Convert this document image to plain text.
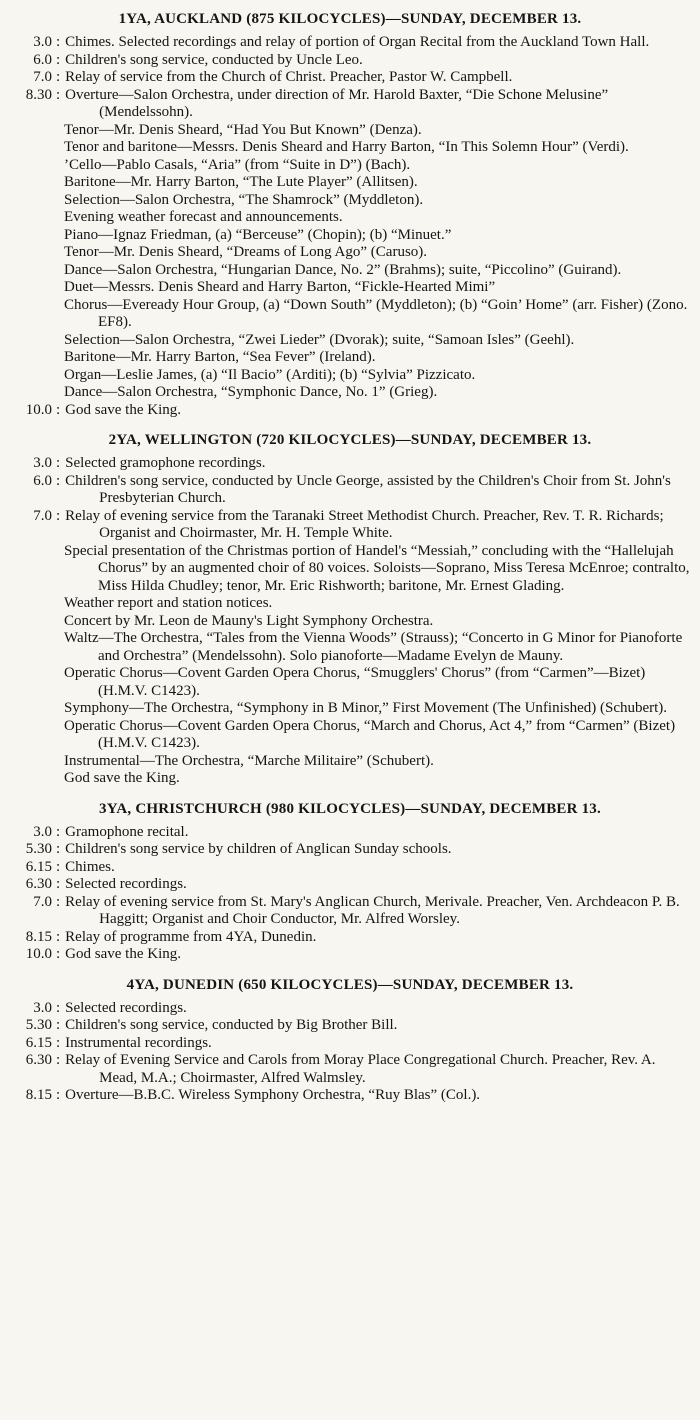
1YA, AUCKLAND (875 KILOCYCLES)—SUNDAY, DECEMBER 13.
3.0 : Chimes. Selected recordings and relay of portion of Organ Recital from the Auckland Town Hall.
6.0 : Children's song service, conducted by Uncle Leo.
7.0 : Relay of service from the Church of Christ. Preacher, Pastor W. Campbell.
8.30 : Overture—Salon Orchestra, under direction of Mr. Harold Baxter, “Die Schone Melusine” (Mendelssohn).
Tenor—Mr. Denis Sheard, “Had You But Known” (Denza).
Tenor and baritone—Messrs. Denis Sheard and Harry Barton, “In This Solemn Hour” (Verdi).
’Cello—Pablo Casals, “Aria” (from “Suite in D”) (Bach).
Baritone—Mr. Harry Barton, “The Lute Player” (Allitsen).
Selection—Salon Orchestra, “The Shamrock” (Myddleton).
Evening weather forecast and announcements.
Piano—Ignaz Friedman, (a) “Berceuse” (Chopin); (b) “Minuet.”
Tenor—Mr. Denis Sheard, “Dreams of Long Ago” (Caruso).
Dance—Salon Orchestra, “Hungarian Dance, No. 2” (Brahms); suite, “Piccolino” (Guirand).
Duet—Messrs. Denis Sheard and Harry Barton, “Fickle-Hearted Mimi”
Chorus—Eveready Hour Group, (a) “Down South” (Myddleton); (b) “Goin’ Home” (arr. Fisher) (Zono. EF8).
Selection—Salon Orchestra, “Zwei Lieder” (Dvorak); suite, “Samoan Isles” (Geehl).
Baritone—Mr. Harry Barton, “Sea Fever” (Ireland).
Organ—Leslie James, (a) “Il Bacio” (Arditi); (b) “Sylvia” Pizzicato.
Dance—Salon Orchestra, “Symphonic Dance, No. 1” (Grieg).
10.0 : God save the King.
2YA, WELLINGTON (720 KILOCYCLES)—SUNDAY, DECEMBER 13.
3.0 : Selected gramophone recordings.
6.0 : Children's song service, conducted by Uncle George, assisted by the Children's Choir from St. John's Presbyterian Church.
7.0 : Relay of evening service from the Taranaki Street Methodist Church. Preacher, Rev. T. R. Richards; Organist and Choirmaster, Mr. H. Temple White.
Special presentation of the Christmas portion of Handel's “Messiah,” concluding with the “Hallelujah Chorus” by an augmented choir of 80 voices. Soloists—Soprano, Miss Teresa McEnroe; contralto, Miss Hilda Chudley; tenor, Mr. Eric Rishworth; baritone, Mr. Ernest Glading.
Weather report and station notices.
Concert by Mr. Leon de Mauny's Light Symphony Orchestra.
Waltz—The Orchestra, “Tales from the Vienna Woods” (Strauss); “Concerto in G Minor for Pianoforte and Orchestra” (Mendelssohn). Solo pianoforte—Madame Evelyn de Mauny.
Operatic Chorus—Covent Garden Opera Chorus, “Smugglers' Chorus” (from “Carmen”—Bizet) (H.M.V. C1423).
Symphony—The Orchestra, “Symphony in B Minor,” First Movement (The Unfinished) (Schubert).
Operatic Chorus—Covent Garden Opera Chorus, “March and Chorus, Act 4,” from “Carmen” (Bizet) (H.M.V. C1423).
Instrumental—The Orchestra, “Marche Militaire” (Schubert).
God save the King.
3YA, CHRISTCHURCH (980 KILOCYCLES)—SUNDAY, DECEMBER 13.
3.0 : Gramophone recital.
5.30 : Children's song service by children of Anglican Sunday schools.
6.15 : Chimes.
6.30 : Selected recordings.
7.0 : Relay of evening service from St. Mary's Anglican Church, Merivale. Preacher, Ven. Archdeacon P. B. Haggitt; Organist and Choir Conductor, Mr. Alfred Worsley.
8.15 : Relay of programme from 4YA, Dunedin.
10.0 : God save the King.
4YA, DUNEDIN (650 KILOCYCLES)—SUNDAY, DECEMBER 13.
3.0 : Selected recordings.
5.30 : Children's song service, conducted by Big Brother Bill.
6.15 : Instrumental recordings.
6.30 : Relay of Evening Service and Carols from Moray Place Congregational Church. Preacher, Rev. A. Mead, M.A.; Choirmaster, Alfred Walmsley.
8.15 : Overture—B.B.C. Wireless Symphony Orchestra, “Ruy Blas” (Col.).
